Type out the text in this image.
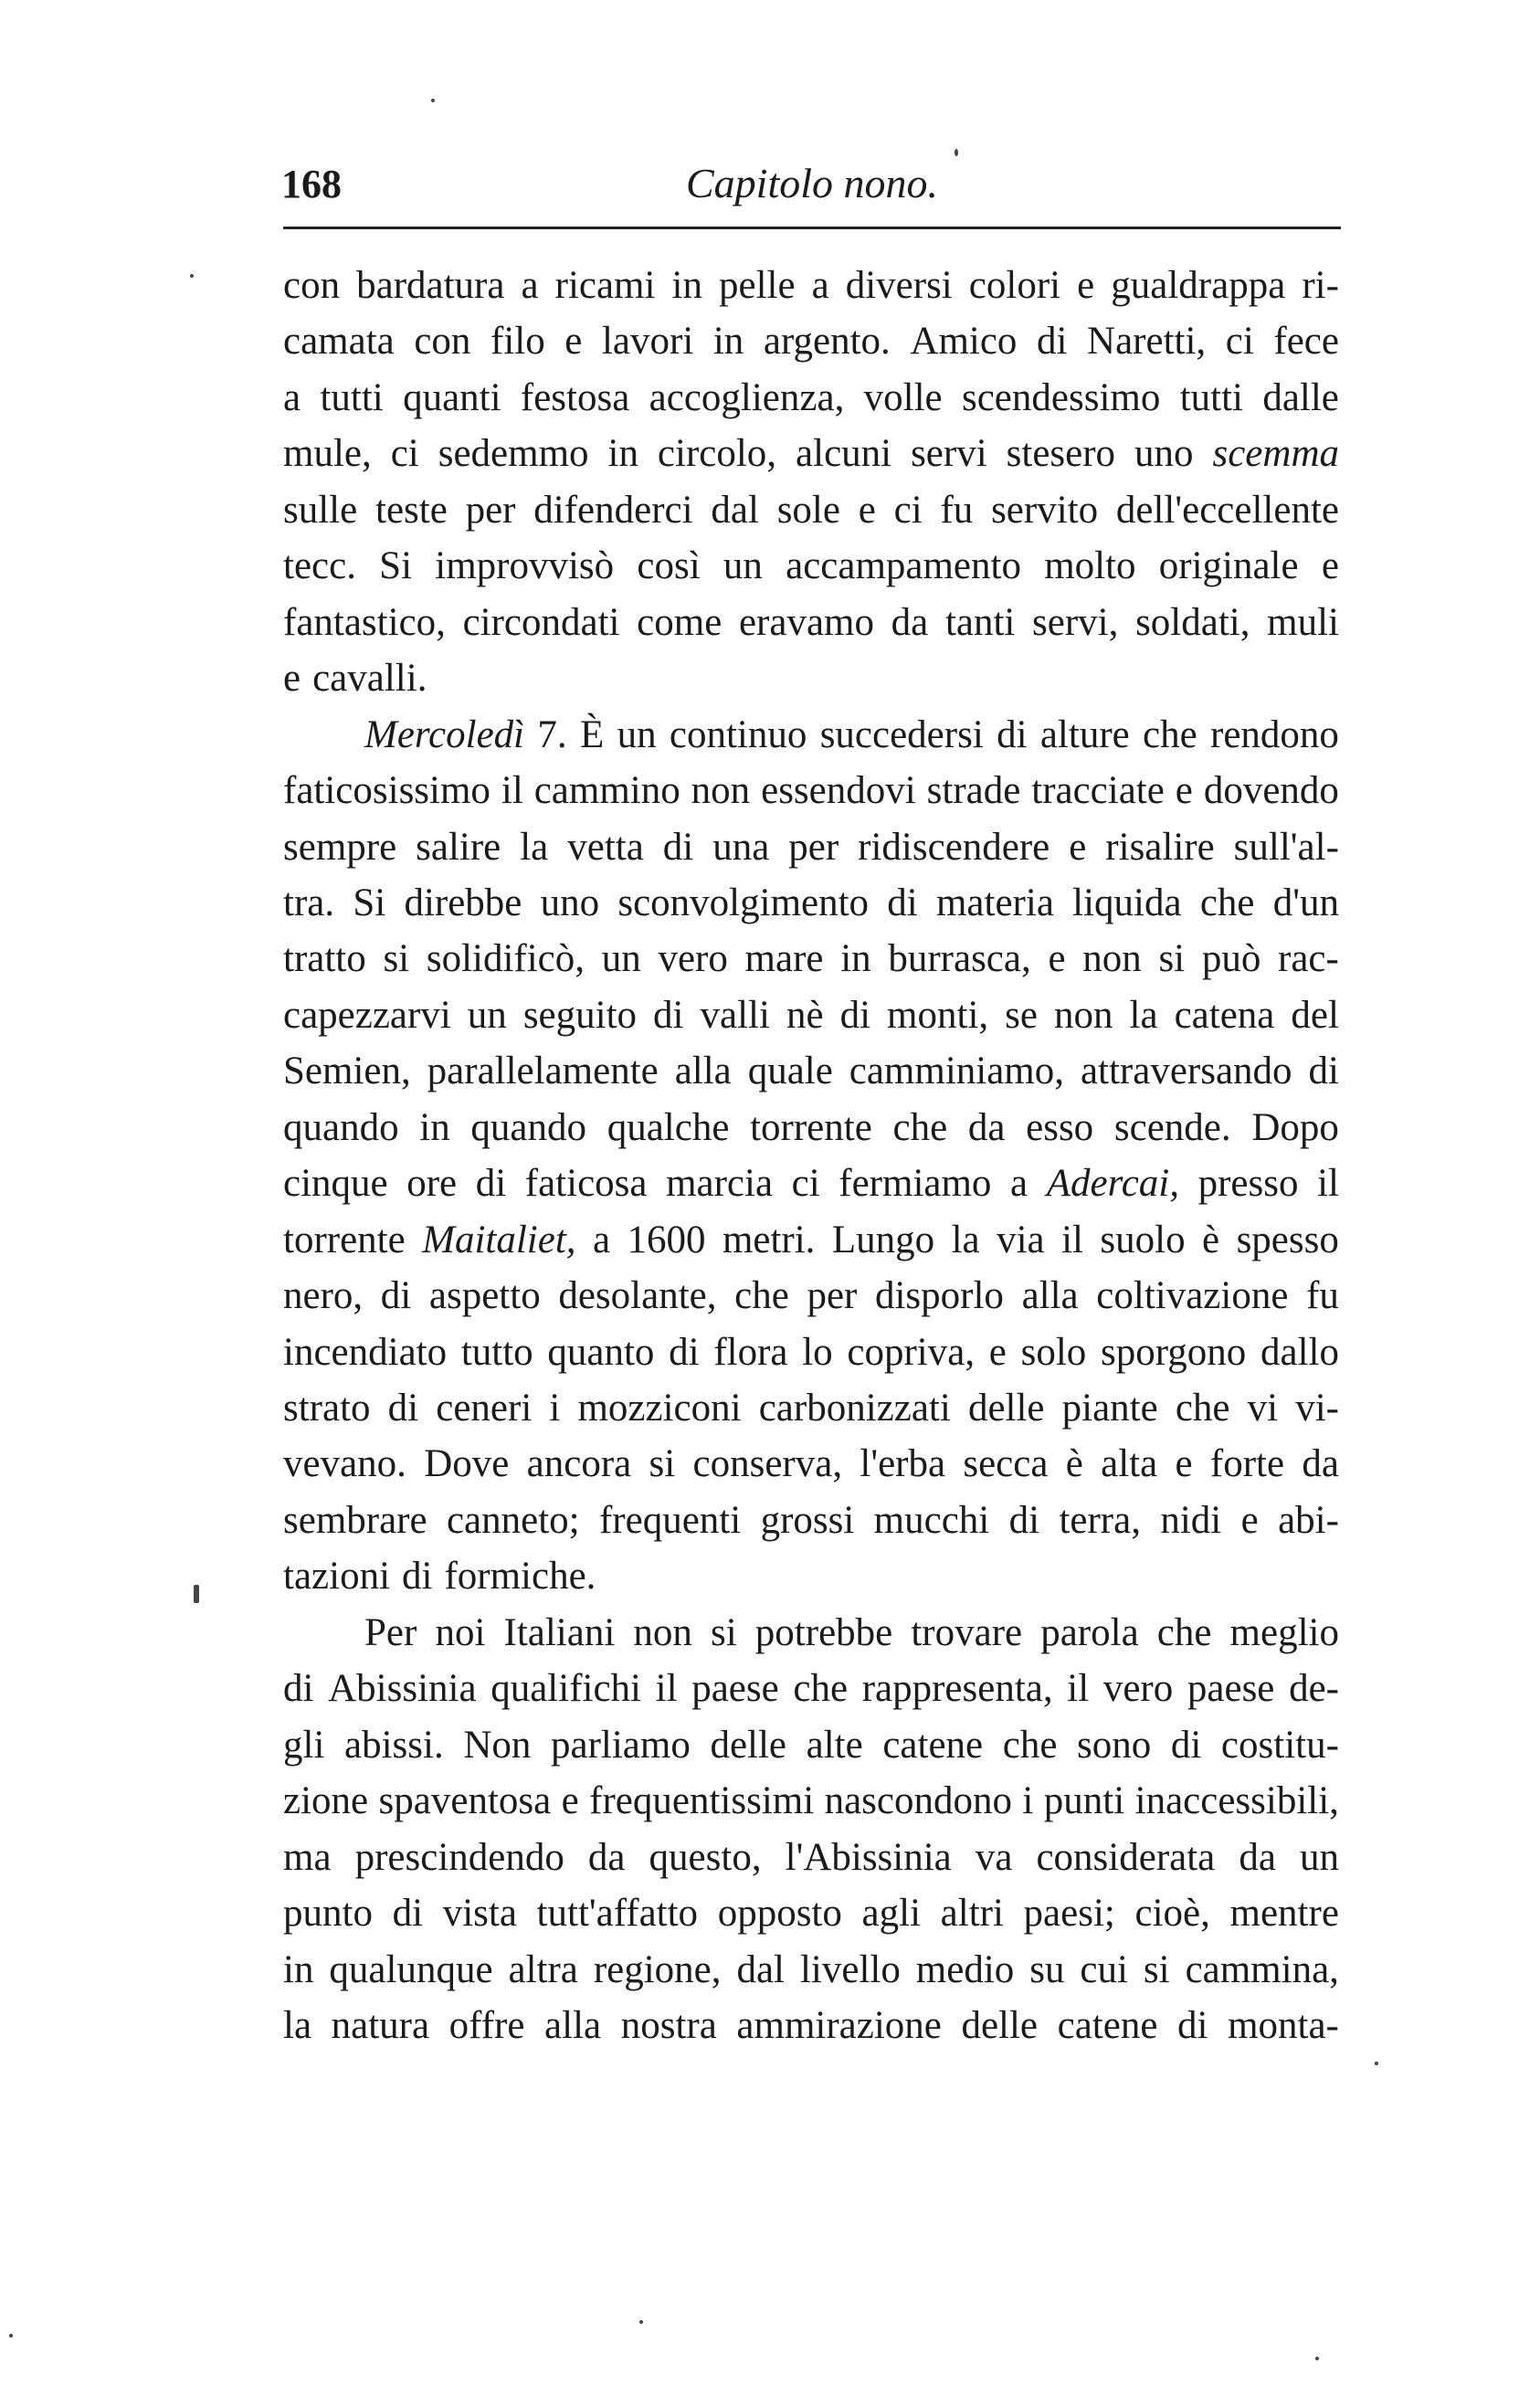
168	Capitolo nono.
con bardatura a ricami in pelle a diversi colori e gualdrappa ri-
camata con filo e lavori in argento. Amico di Naretti, ci fece
a tutti quanti festosa accoglienza, volle scendessimo tutti dalle
mule, ci sedemmo in circolo, alcuni servi stesero uno scemma
sulle teste per difenderci dal sole e ci fu servito dell'eccellente
tecc. Si improvvisò così un accampamento molto originale e
fantastico, circondati come eravamo da tanti servi, soldati, muli
e cavalli.
Mercoledì 7. È un continuo succedersi di alture che rendono
faticosissimo il cammino non essendovi strade tracciate e dovendo
sempre salire la vetta di una per ridiscendere e risalire sull'al-
tra. Si direbbe uno sconvolgimento di materia liquida che d'un
tratto si solidificò, un vero mare in burrasca, e non si può rac-
capezzarvi un seguito di valli nè di monti, se non la catena del
Semien, parallelamente alla quale camminiamo, attraversando di
quando in quando qualche torrente che da esso scende. Dopo
cinque ore di faticosa marcia ci fermiamo a Adercai, presso il
torrente Maitaliet, a 1600 metri. Lungo la via il suolo è spesso
nero, di aspetto desolante, che per disporlo alla coltivazione fu
incendiato tutto quanto di flora lo copriva, e solo sporgono dallo
strato di ceneri i mozziconi carbonizzati delle piante che vi vi-
vevano. Dove ancora si conserva, l'erba secca è alta e forte da
sembrare canneto; frequenti grossi mucchi di terra, nidi e abi-
tazioni di formiche.
Per noi Italiani non si potrebbe trovare parola che meglio
di Abissinia qualifichi il paese che rappresenta, il vero paese de-
gli abissi. Non parliamo delle alte catene che sono di costitu-
zione spaventosa e frequentissimi nascondono i punti inaccessibili,
ma prescindendo da questo, l'Abissinia va considerata da un
punto di vista tutt'affatto opposto agli altri paesi; cioè, mentre
in qualunque altra regione, dal livello medio su cui si cammina,
la natura offre alla nostra ammirazione delle catene di monta-
